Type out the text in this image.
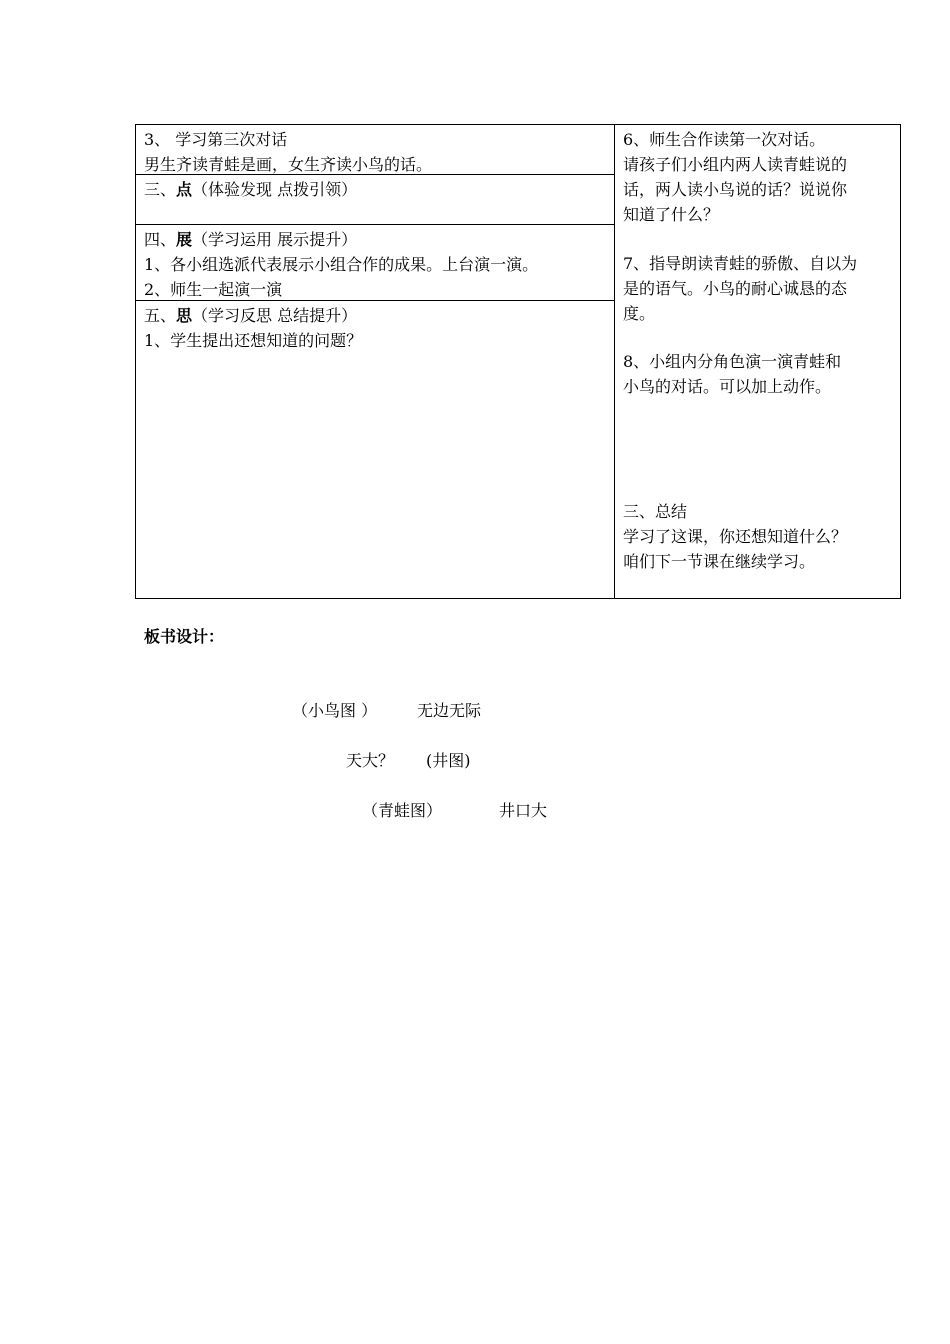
3、 学习第三次对话
男生齐读青蛙是画，女生齐读小鸟的话。
三、点（体验发现 点拨引领）
四、展（学习运用 展示提升）
1、各小组选派代表展示小组合作的成果。上台演一演。
2、师生一起演一演
五、思（学习反思 总结提升）
1、学生提出还想知道的问题？
6、师生合作读第一次对话。
请孩子们小组内两人读青蛙说的
话，两人读小鸟说的话？说说你
知道了什么？
7、指导朗读青蛙的骄傲、自以为
是的语气。小鸟的耐心诚恳的态
度。
8、小组内分角色演一演青蛙和
小鸟的对话。可以加上动作。
三、总结
学习了这课，你还想知道什么？
咱们下一节课在继续学习。
板书设计：
（小鸟图 ） 无边无际
天大？ (井图)
（青蛙图）	井口大
